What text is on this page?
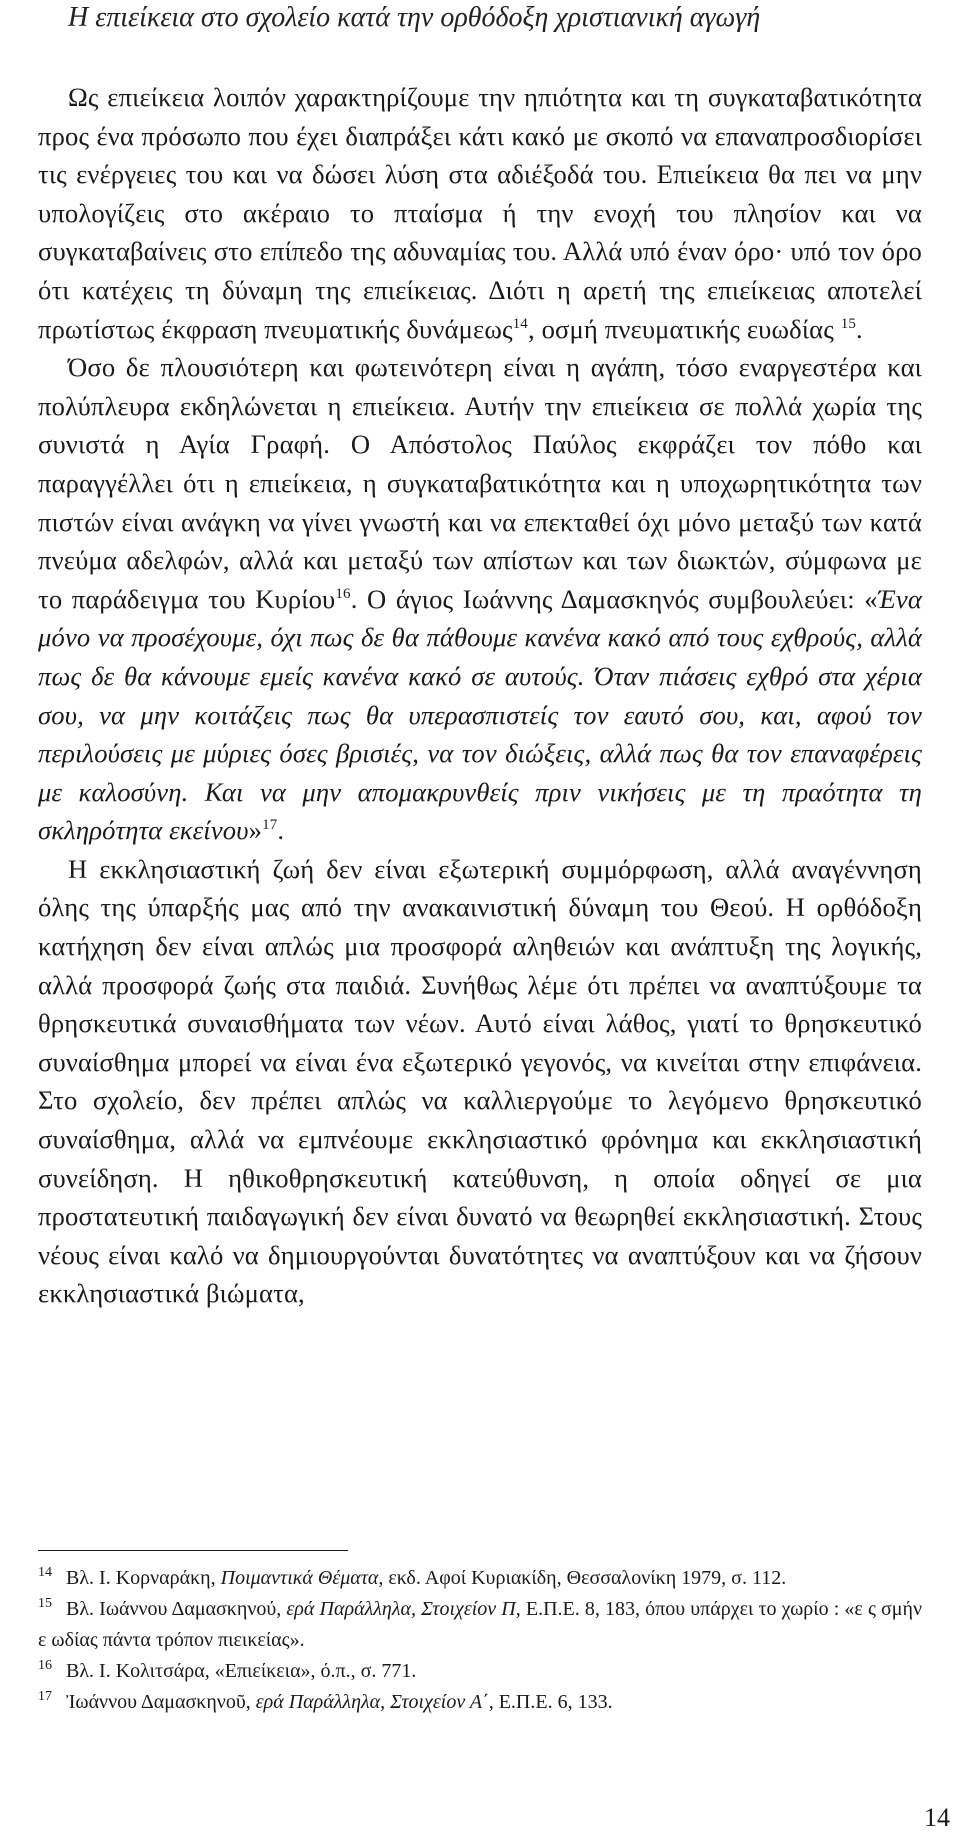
Η επιείκεια στο σχολείο κατά την ορθόδοξη χριστιανική αγωγή

Ως επιείκεια λοιπόν χαρακτηρίζουμε την ηπιότητα και τη συγκαταβατικότητα προς ένα πρόσωπο που έχει διαπράξει κάτι κακό με σκοπό να επαναπροσδιορίσει τις ενέργειες του και να δώσει λύση στα αδιέξοδά του. Επιείκεια θα πει να μην υπολογίζεις στο ακέραιο το πταίσμα ή την ενοχή του πλησίον και να συγκαταβαίνεις στο επίπεδο της αδυναμίας του. Αλλά υπό έναν όρο· υπό τον όρο ότι κατέχεις τη δύναμη της επιείκειας. Διότι η αρετή της επιείκειας αποτελεί πρωτίστως έκφραση πνευματικής δυνάμεως$^{14}$, οσμή πνευματικής ευωδίας $^{15}$.

Όσο δε πλουσιότερη και φωτεινότερη είναι η αγάπη, τόσο εναργεστέρα και πολύπλευρα εκδηλώνεται η επιείκεια. Αυτήν την επιείκεια σε πολλά χωρία της συνιστά η Αγία Γραφή. Ο Απόστολος Παύλος εκφράζει τον πόθο και παραγγέλλει ότι η επιείκεια, η συγκαταβατικότητα και η υποχωρητικότητα των πιστών είναι ανάγκη να γίνει γνωστή και να επεκταθεί όχι μόνο μεταξύ των κατά πνεύμα αδελφών, αλλά και μεταξύ των απίστων και των διωκτών, σύμφωνα με το παράδειγμα του Κυρίου$^{16}$. Ο άγιος Ιωάννης Δαμασκηνός συμβουλεύει: «Ένα μόνο να προσέχουμε, όχι πως δε θα πάθουμε κανένα κακό από τους εχθρούς, αλλά πως δε θα κάνουμε εμείς κανένα κακό σε αυτούς. Όταν πιάσεις εχθρό στα χέρια σου, να μην κοιτάζεις πως θα υπερασπιστείς τον εαυτό σου, και, αφού τον περιλούσεις με μύριες όσες βρισιές, να τον διώξεις, αλλά πως θα τον επαναφέρεις με καλοσύνη. Και να μην απομακρυνθείς πριν νικήσεις με τη πραότητα τη σκληρότητα εκείνου»$^{17}$.

Η εκκλησιαστική ζωή δεν είναι εξωτερική συμμόρφωση, αλλά αναγέννηση όλης της ύπαρξής μας από την ανακαινιστική δύναμη του Θεού. Η ορθόδοξη κατήχηση δεν είναι απλώς μια προσφορά αληθειών και ανάπτυξη της λογικής, αλλά προσφορά ζωής στα παιδιά. Συνήθως λέμε ότι πρέπει να αναπτύξουμε τα θρησκευτικά συναισθήματα των νέων. Αυτό είναι λάθος, γιατί το θρησκευτικό συναίσθημα μπορεί να είναι ένα εξωτερικό γεγονός, να κινείται στην επιφάνεια. Στο σχολείο, δεν πρέπει απλώς να καλλιεργούμε το λεγόμενο θρησκευτικό συναίσθημα, αλλά να εμπνέουμε εκκλησιαστικό φρόνημα και εκκλησιαστική συνείδηση. Η ηθικοθρησκευτική κατεύθυνση, η οποία οδηγεί σε μια προστατευτική παιδαγωγική δεν είναι δυνατό να θεωρηθεί εκκλησιαστική. Στους νέους είναι καλό να δημιουργούνται δυνατότητες να αναπτύξουν και να ζήσουν εκκλησιαστικά βιώματα,

14 Βλ. Ι. Κορναράκη, Ποιμαντικά Θέματα, εκδ. Αφοί Κυριακίδη, Θεσσαλονίκη 1979, σ. 112.

15 Βλ. Ιωάννου Δαμασκηνού, ερά Παράλληλα, Στοιχείον Π, Ε.Π.Ε. 8, 183, όπου υπάρχει το χωρίο : «ε ς σμήν ε ωδίας πάντα τρόπον πιεικείας».

16 Βλ. Ι. Κολιτσάρα, «Επιείκεια», ό.π., σ. 771.

17 Ἰωάννου Δαμασκηνοῦ, ερά Παράλληλα, Στοιχείον Α΄, Ε.Π.Ε. 6, 133.

14
